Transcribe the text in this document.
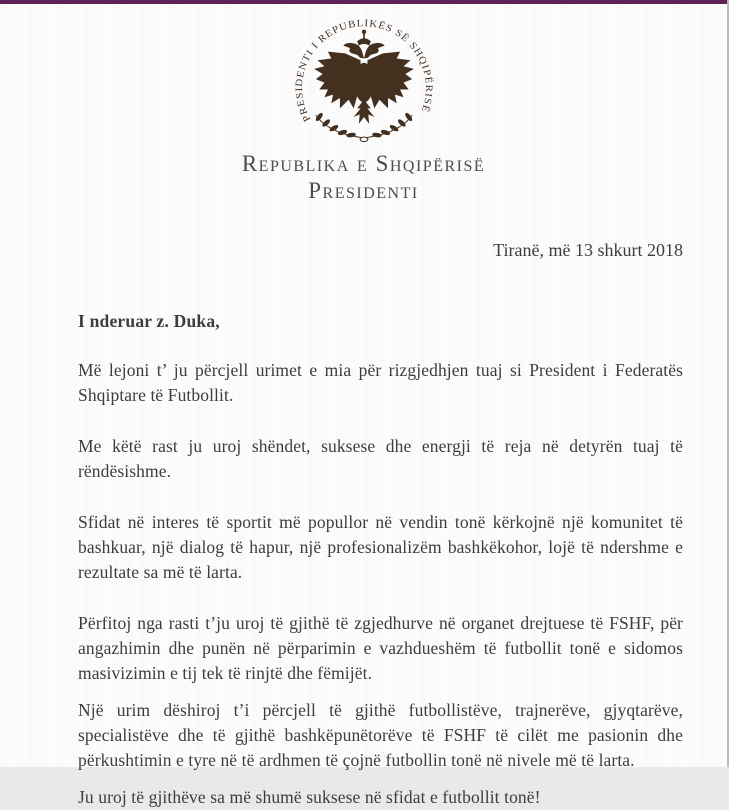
PRESIDENTI I REPUBLIKËS SË SHQIPËRISË
Republika e Shqipërisë
Presidenti
Tiranë, më 13 shkurt 2018
I nderuar z. Duka,

Më lejoni t’ ju përcjell urimet e mia për rizgjedhjen tuaj si President i Federatës Shqiptare të Futbollit.

Me këtë rast ju uroj shëndet, suksese dhe energji të reja në detyrën tuaj të rëndësishme.

Sfidat në interes të sportit më popullor në vendin tonë kërkojnë një komunitet të bashkuar, një dialog të hapur, një profesionalizëm bashkëkohor, lojë të ndershme e rezultate sa më të larta.

Përfitoj nga rasti t’ju uroj të gjithë të zgjedhurve në organet drejtuese të FSHF, për angazhimin dhe punën në përparimin e vazhdueshëm të futbollit tonë e sidomos masivizimin e tij tek të rinjtë dhe fëmijët.

Një urim dëshiroj t’i përcjell të gjithë futbollistëve, trajnerëve, gjyqtarëve, specialistëve dhe të gjithë bashkëpunëtorëve të FSHF të cilët me pasionin dhe përkushtimin e tyre në të ardhmen të çojnë futbollin tonë në nivele më të larta.

Ju uroj të gjithëve sa më shumë suksese në sfidat e futbollit tonë!
